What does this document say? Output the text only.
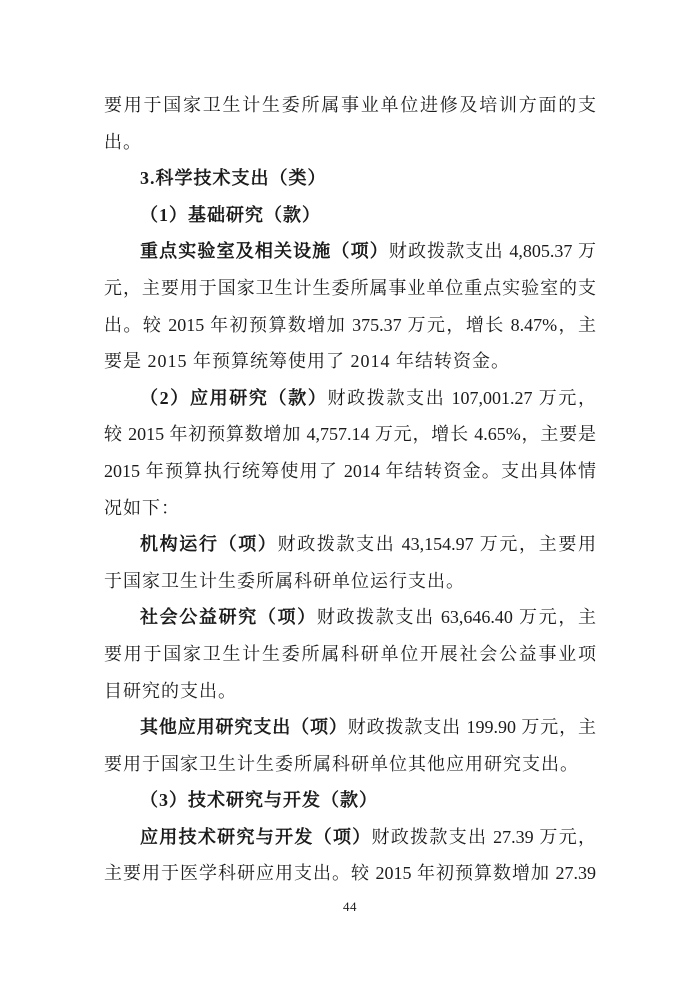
要用于国家卫生计生委所属事业单位进修及培训方面的支
出。
3.科学技术支出（类）
（1）基础研究（款）
重点实验室及相关设施（项）财政拨款支出 4,805.37 万
元，主要用于国家卫生计生委所属事业单位重点实验室的支
出。较 2015 年初预算数增加 375.37 万元，增长 8.47%，主
要是 2015 年预算统筹使用了 2014 年结转资金。
（2）应用研究（款）财政拨款支出 107,001.27 万元，
较 2015 年初预算数增加 4,757.14 万元，增长 4.65%，主要是
2015 年预算执行统筹使用了 2014 年结转资金。支出具体情
况如下：
机构运行（项）财政拨款支出 43,154.97 万元，主要用
于国家卫生计生委所属科研单位运行支出。
社会公益研究（项）财政拨款支出 63,646.40 万元，主
要用于国家卫生计生委所属科研单位开展社会公益事业项
目研究的支出。
其他应用研究支出（项）财政拨款支出 199.90 万元，主
要用于国家卫生计生委所属科研单位其他应用研究支出。
（3）技术研究与开发（款）
应用技术研究与开发（项）财政拨款支出 27.39 万元，
主要用于医学科研应用支出。较 2015 年初预算数增加 27.39
44
